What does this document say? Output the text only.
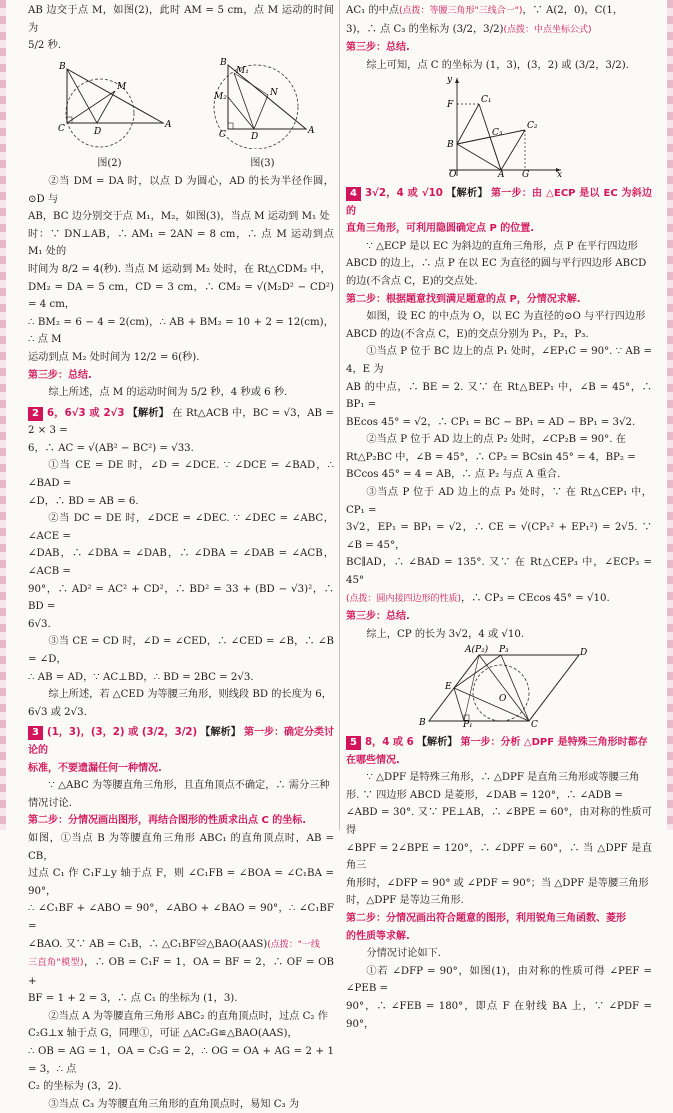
AB 边交于点 M，如图(2)，此时 AM = 5 cm，点 M 运动的时间为

5/2 秒.

B
M
C	D
A
图(2)
B
M₁
N
M₂
C	D
A
图(3)

②当 DM = DA 时，以点 D 为圆心，AD 的长为半径作圆，⊙D 与

AB，BC 边分别交于点 M₁，M₂，如图(3)，当点 M 运动到 M₁ 处

时：∵ DN⊥AB，∴ AM₁ = 2AN = 8 cm，∴ 点 M 运动到点 M₁ 处的

时间为 8/2 = 4(秒). 当点 M 运动到 M₂ 处时，在 Rt△CDM₂ 中，

DM₂ = DA = 5 cm，CD = 3 cm，∴ CM₂ = √(M₂D² − CD²) = 4 cm，

∴ BM₂ = 6 − 4 = 2(cm)，∴ AB + BM₂ = 10 + 2 = 12(cm)，∴ 点 M

运动到点 M₂ 处时间为 12/2 = 6(秒).

第三步：总结.

综上所述，点 M 的运动时间为 5/2 秒，4 秒或 6 秒.

2 6，6√3 或 2√3 【解析】 在 Rt△ACB 中，BC = √3，AB = 2 × 3 =

6，∴ AC = √(AB² − BC²) = √33.

①当 CE = DE 时，∠D = ∠DCE. ∵ ∠DCE = ∠BAD，∴ ∠BAD =

∠D，∴ BD = AB = 6.

②当 DC = DE 时，∠DCE = ∠DEC. ∵ ∠DEC = ∠ABC，∠ACE =

∠DAB，∴ ∠DBA = ∠DAB，∴ ∠DBA = ∠DAB = ∠ACB，∠ACB =

90°，∴ AD² = AC² + CD²，∴ BD² = 33 + (BD − √3)²，∴ BD =

6√3.

③当 CE = CD 时，∠D = ∠CED，∴ ∠CED = ∠B，∴ ∠B = ∠D，

∴ AB = AD，∵ AC⊥BD，∴ BD = 2BC = 2√3.

综上所述，若 △CED 为等腰三角形，则线段 BD 的长度为 6，

6√3 或 2√3.

3 (1，3)，(3，2) 或 (3/2，3/2) 【解析】 第一步：确定分类讨论的

标准，不要遗漏任何一种情况.

∵ △ABC 为等腰直角三角形，且直角顶点不确定，∴ 需分三种

情况讨论.

第二步：分情况画出图形，再结合图形的性质求出点 C 的坐标.

如图，①当点 B 为等腰直角三角形 ABC₁ 的直角顶点时，AB = CB，

过点 C₁ 作 C₁F⊥y 轴于点 F，则 ∠C₁FB = ∠BOA = ∠C₁BA = 90°，

∴ ∠C₁BF + ∠ABO = 90°，∠ABO + ∠BAO = 90°，∴ ∠C₁BF =

∠BAO. 又∵ AB = C₁B，∴ △C₁BF≌△BAO(AAS)(点拨："一线

三直角"模型)，∴ OB = C₁F = 1，OA = BF = 2，∴ OF = OB +

BF = 1 + 2 = 3，∴ 点 C₁ 的坐标为 (1，3).

②当点 A 为等腰直角三角形 ABC₂ 的直角顶点时，过点 C₂ 作

C₂G⊥x 轴于点 G，同理①，可证 △AC₂G≌△BAO(AAS)，

∴ OB = AG = 1，OA = C₂G = 2，∴ OG = OA + AG = 2 + 1 = 3，∴ 点

C₂ 的坐标为 (3，2).

③当点 C₃ 为等腰直角三角形的直角顶点时，易知 C₃ 为

AC₁ 的中点(点拨：等腰三角形"三线合一")，∵ A(2，0)，C(1，

3)，∴ 点 C₃ 的坐标为 (3/2，3/2)(点拨：中点坐标公式)

第三步：总结.

综上可知，点 C 的坐标为 (1，3)，(3，2) 或 (3/2，3/2).

y
F	C₁
C₂
C₃
B
O	A G	x

4 3√2，4 或 √10 【解析】 第一步：由 △ECP 是以 EC 为斜边的

直角三角形，可利用隐圆确定点 P 的位置.

∵ △ECP 是以 EC 为斜边的直角三角形，点 P 在平行四边形

ABCD 的边上，∴ 点 P 在以 EC 为直径的圆与平行四边形 ABCD

的边(不含点 C，E)的交点处.

第二步：根据题意找到满足题意的点 P，分情况求解.

如图，设 EC 的中点为 O，以 EC 为直径的⊙O 与平行四边形

ABCD 的边(不含点 C，E)的交点分别为 P₁，P₂，P₃.

①当点 P 位于 BC 边上的点 P₁ 处时，∠EP₁C = 90°. ∵ AB = 4，E 为

AB 的中点，∴ BE = 2. 又∵ 在 Rt△BEP₁ 中，∠B = 45°，∴ BP₁ =

BEcos 45° = √2，∴ CP₁ = BC − BP₁ = AD − BP₁ = 3√2.

②当点 P 位于 AD 边上的点 P₂ 处时，∠CP₂B = 90°. 在

Rt△P₂BC 中，∠B = 45°，∴ CP₂ = BCsin 45° = 4，BP₂ =

BCcos 45° = 4 = AB，∴ 点 P₂ 与点 A 重合.

③当点 P 位于 AD 边上的点 P₃ 处时，∵ 在 Rt△CEP₁ 中，CP₁ =

3√2，EP₁ = BP₁ = √2，∴ CE = √(CP₁² + EP₁²) = 2√5. ∵ ∠B = 45°，

BC∥AD，∴ ∠BAD = 135°. 又∵ 在 Rt△CEP₃ 中，∠ECP₃ = 45°

(点拨：圆内接四边形的性质)，∴ CP₃ = CEcos 45° = √10.

第三步：总结.

综上，CP 的长为 3√2，4 或 √10.

A(P₂) P₃	D
E
O
B	P₁	C

5 8，4 或 6 【解析】 第一步：分析 △DPF 是特殊三角形时都存

在哪些情况.

∵ △DPF 是特殊三角形，∴ △DPF 是直角三角形或等腰三角

形. ∵ 四边形 ABCD 是菱形，∠DAB = 120°，∴ ∠ADB =

∠ABD = 30°. 又∵ PE⊥AB，∴ ∠BPE = 60°，由对称的性质可得

∠BPF = 2∠BPE = 120°，∴ ∠DPF = 60°，∴ 当 △DPF 是直角三

角形时，∠DFP = 90° 或 ∠PDF = 90°；当 △DPF 是等腰三角形

时，△DPF 是等边三角形.

第二步：分情况画出符合题意的图形，利用锐角三角函数、菱形

的性质等求解.

分情况讨论如下.

①若 ∠DFP = 90°，如图(1)，由对称的性质可得 ∠PEF = ∠PEB =

90°，∴ ∠FEB = 180°，即点 F 在射线 BA 上，∵ ∠PDF = 90°，
